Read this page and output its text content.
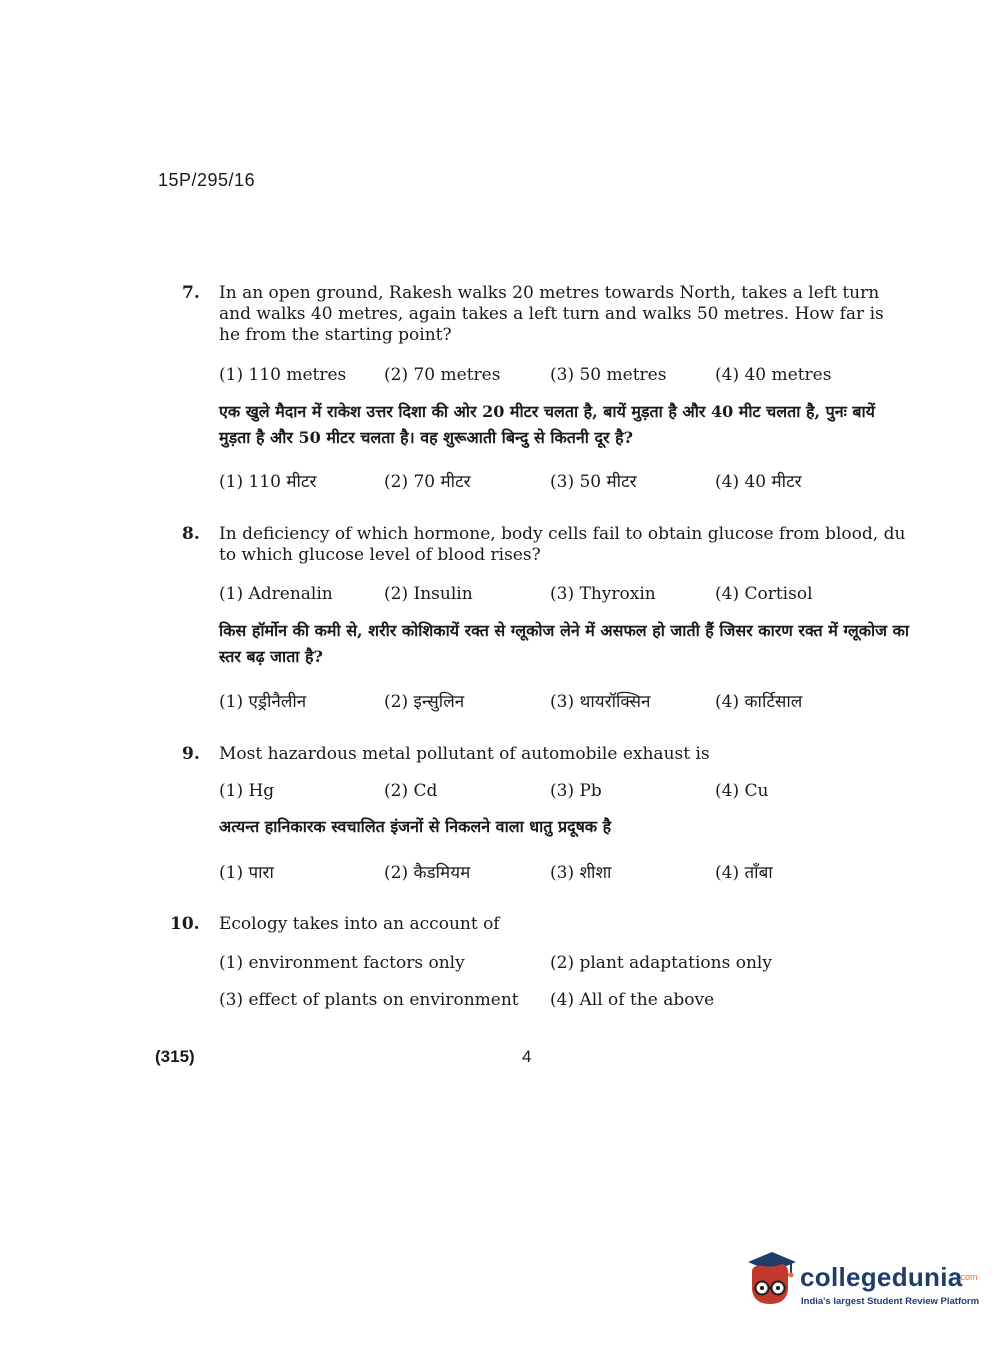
15P/295/16
7. In an open ground, Rakesh walks 20 metres towards North, takes a left turn and walks 40 metres, again takes a left turn and walks 50 metres. How far is he from the starting point?
(1) 110 metres (2) 70 metres	(3) 50 metres	(4) 40 metres
एक खुले मैदान में राकेश उत्तर दिशा की ओर 20 मीटर चलता है, बायें मुड़ता है और 40 मीट चलता है, पुनः बायें मुड़ता है और 50 मीटर चलता है। वह शुरूआती बिन्दु से कितनी दूर है?
(1) 110 मीटर	(2) 70 मीटर	(3) 50 मीटर	(4) 40 मीटर
8. In deficiency of which hormone, body cells fail to obtain glucose from blood, du to which glucose level of blood rises?
(1) Adrenalin	(2) Insulin	(3) Thyroxin	(4) Cortisol
किस हॉर्मोन की कमी से, शरीर कोशिकायें रक्त से ग्लूकोज लेने में असफल हो जाती हैं जिसर कारण रक्त में ग्लूकोज का स्तर बढ़ जाता है?
(1) एड्रीनैलीन	(2) इन्सुलिन	(3) थायरॉक्सिन	(4) कार्टिसाल
9. Most hazardous metal pollutant of automobile exhaust is
(1) Hg	(2) Cd	(3) Pb	(4) Cu
अत्यन्त हानिकारक स्वचालित इंजनों से निकलने वाला धातु प्रदूषक है
(1) पारा	(2) कैडमियम	(3) शीशा	(4) ताँबा
10. Ecology takes into an account of
(1) environment factors only	(2) plant adaptations only
(3) effect of plants on environment (4) All of the above
(315)	4
collegedunia
.com
India's largest Student Review Platform
